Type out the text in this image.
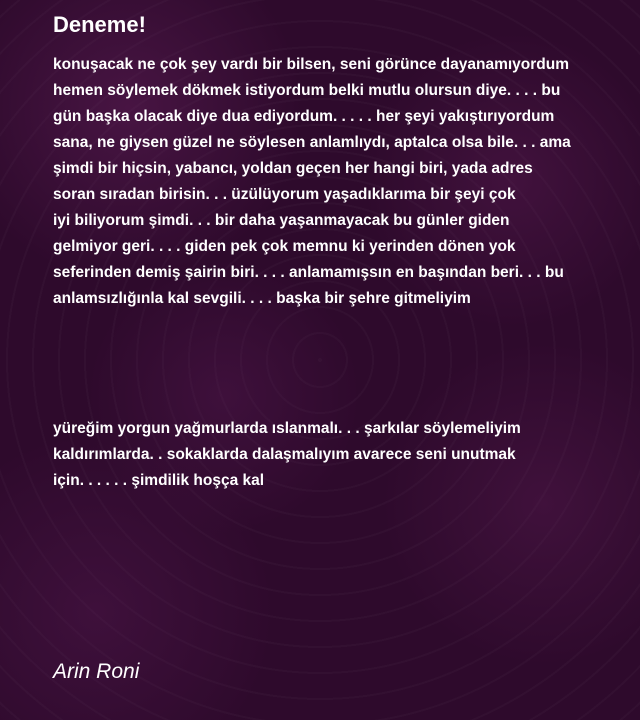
Deneme!

konuşacak ne çok şey vardı bir bilsen, seni görünce dayanamıyordum
hemen söylemek dökmek istiyordum belki mutlu olursun diye. . . . bu
gün başka olacak diye dua ediyordum. . . . . her şeyi yakıştırıyordum
sana, ne giysen güzel ne söylesen anlamlıydı, aptalca olsa bile. . . ama
şimdi bir hiçsin, yabancı, yoldan geçen her hangi biri, yada adres
soran sıradan birisin. . . üzülüyorum yaşadıklarıma bir şeyi çok
iyi biliyorum şimdi. . . bir daha yaşanmayacak bu günler giden
gelmiyor geri. . . . giden pek çok memnu ki yerinden dönen yok
seferinden demiş şairin biri. . . . anlamamışsın en başından beri. . . bu
anlamsızlığınla kal sevgili. . . . başka bir şehre gitmeliyim

yüreğim yorgun yağmurlarda ıslanmalı. . . şarkılar söylemeliyim
kaldırımlarda. . sokaklarda dalaşmalıyım avarece seni unutmak
için. . . . . . şimdilik hoşça kal

Arin Roni
